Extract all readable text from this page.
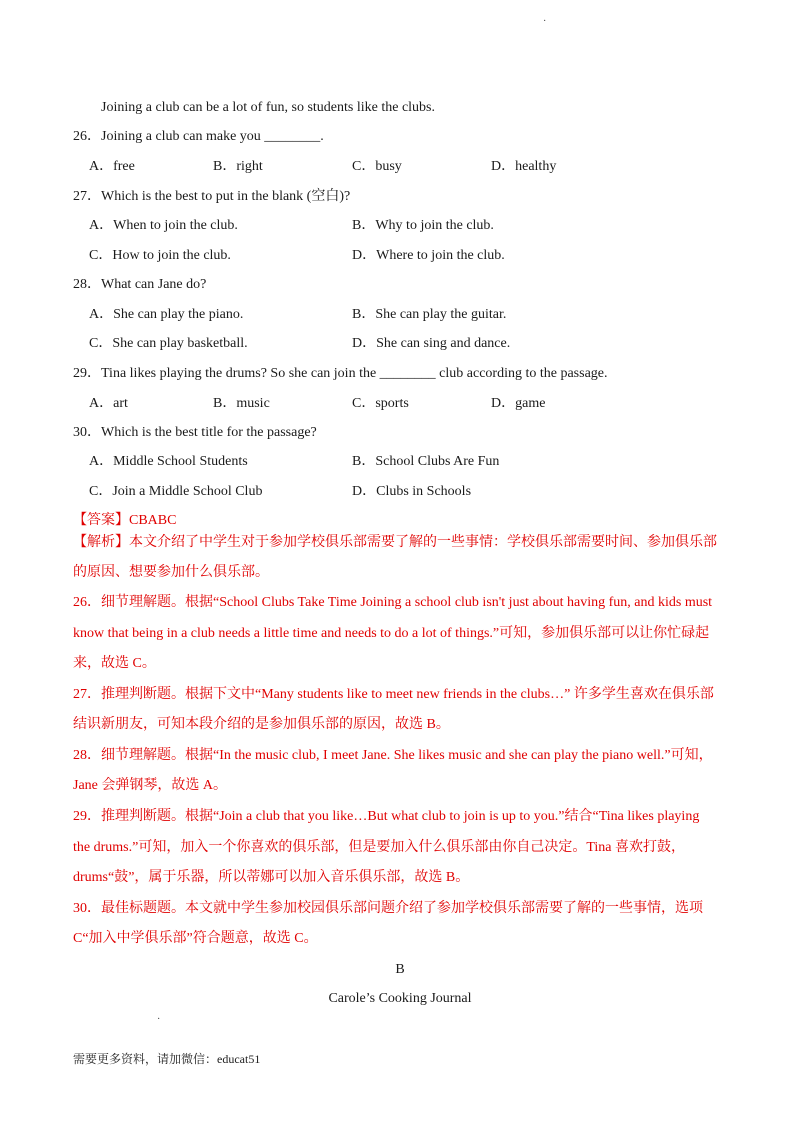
·
Joining a club can be a lot of fun, so students like the clubs.
26．Joining a club can make you ________.
A．free	B．right	C．busy	D．healthy
27．Which is the best to put in the blank (空白)?
A．When to join the club.	B．Why to join the club.
C．How to join the club.	D．Where to join the club.
28．What can Jane do?
A．She can play the piano.	B．She can play the guitar.
C．She can play basketball.	D．She can sing and dance.
29．Tina likes playing the drums? So she can join the ________ club according to the passage.
A．art	B．music	C．sports	D．game
30．Which is the best title for the passage?
A．Middle School Students	B．School Clubs Are Fun
C．Join a Middle School Club	D．Clubs in Schools
【答案】CBABC
【解析】本文介绍了中学生对于参加学校俱乐部需要了解的一些事情：学校俱乐部需要时间、参加俱乐部
的原因、想要参加什么俱乐部。
26．细节理解题。根据“School Clubs Take Time Joining a school club isn't just about having fun, and kids must
know that being in a club needs a little time and needs to do a lot of things.”可知，参加俱乐部可以让你忙碌起
来，故选 C。
27．推理判断题。根据下文中“Many students like to meet new friends in the clubs…” 许多学生喜欢在俱乐部
结识新朋友，可知本段介绍的是参加俱乐部的原因，故选 B。
28．细节理解题。根据“In the music club, I meet Jane. She likes music and she can play the piano well.”可知，
Jane 会弹钢琴，故选 A。
29．推理判断题。根据“Join a club that you like…But what club to join is up to you.”结合“Tina likes playing
the drums.”可知，加入一个你喜欢的俱乐部，但是要加入什么俱乐部由你自己决定。Tina 喜欢打鼓，
drums“鼓”，属于乐器，所以蒂娜可以加入音乐俱乐部，故选 B。
30．最佳标题题。本文就中学生参加校园俱乐部问题介绍了参加学校俱乐部需要了解的一些事情，选项
C“加入中学俱乐部”符合题意，故选 C。
B
Carole’s Cooking Journal
·
需要更多资料，请加微信：educat51
